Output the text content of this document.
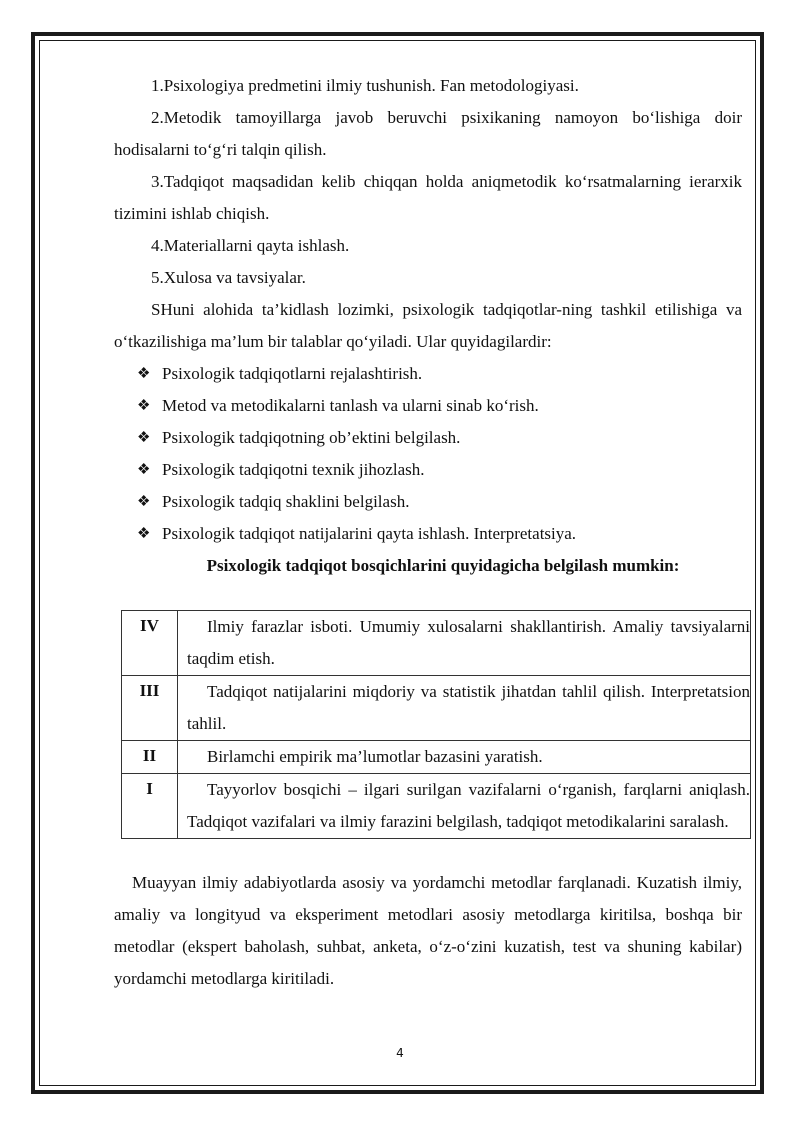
1.Psixologiya predmetini ilmiy tushunish. Fan metodologiyasi.

2.Metodik tamoyillarga javob beruvchi psixikaning namoyon bo‘lishiga doir hodisalarni to‘g‘ri talqin qilish.

3.Tadqiqot maqsadidan kelib chiqqan holda aniqmetodik ko‘rsatmalarning ierarxik tizimini ishlab chiqish.

4.Materiallarni qayta ishlash.

5.Xulosa va tavsiyalar.

SHuni alohida ta’kidlash lozimki, psixologik tadqiqotlar-ning tashkil etilishiga va o‘tkazilishiga ma’lum bir talablar qo‘yiladi. Ular quyidagilardir:

❖ Psixologik tadqiqotlarni rejalashtirish.
❖ Metod va metodikalarni tanlash va ularni sinab ko‘rish.
❖ Psixologik tadqiqotning ob’ektini belgilash.
❖ Psixologik tadqiqotni texnik jihozlash.
❖ Psixologik tadqiq shaklini belgilash.
❖ Psixologik tadqiqot natijalarini qayta ishlash. Interpretatsiya.

Psixologik tadqiqot bosqichlarini quyidagicha belgilash mumkin:

IV	Ilmiy farazlar isboti. Umumiy xulosalarni shakllantirish. Amaliy tavsiyalarni taqdim etish.
III	Tadqiqot natijalarini miqdoriy va statistik jihatdan tahlil qilish. Interpretatsion tahlil.
II	Birlamchi empirik ma’lumotlar bazasini yaratish.
I	Tayyorlov bosqichi – ilgari surilgan vazifalarni o‘rganish, farqlarni aniqlash. Tadqiqot vazifalari va ilmiy farazini belgilash, tadqiqot metodikalarini saralash.

Muayyan ilmiy adabiyotlarda asosiy va yordamchi metodlar farqlanadi. Kuzatish ilmiy, amaliy va longityud va eksperiment metodlari asosiy metodlarga kiritilsa, boshqa bir metodlar (ekspert baholash, suhbat, anketa, o‘z-o‘zini kuzatish, test va shuning kabilar) yordamchi metodlarga kiritiladi.

4
